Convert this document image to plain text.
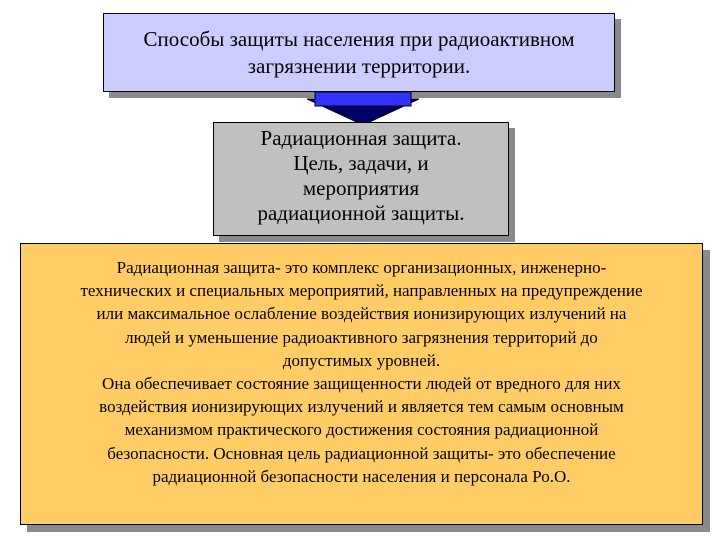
Способы защиты населения при радиоактивном
загрязнении территории.
Радиационная защита.
Цель, задачи, и
мероприятия
радиационной защиты.
Радиационная защита- это комплекс организационных, инженерно-
технических и специальных мероприятий, направленных на предупреждение
или максимальное ослабление воздействия ионизирующих излучений на
людей и уменьшение радиоактивного загрязнения территорий до
допустимых уровней.
Она обеспечивает состояние защищенности людей от вредного для них
воздействия ионизирующих излучений и является тем самым основным
механизмом практического достижения состояния радиационной
безопасности. Основная цель радиационной защиты- это обеспечение
радиационной безопасности населения и персонала Ро.О.
